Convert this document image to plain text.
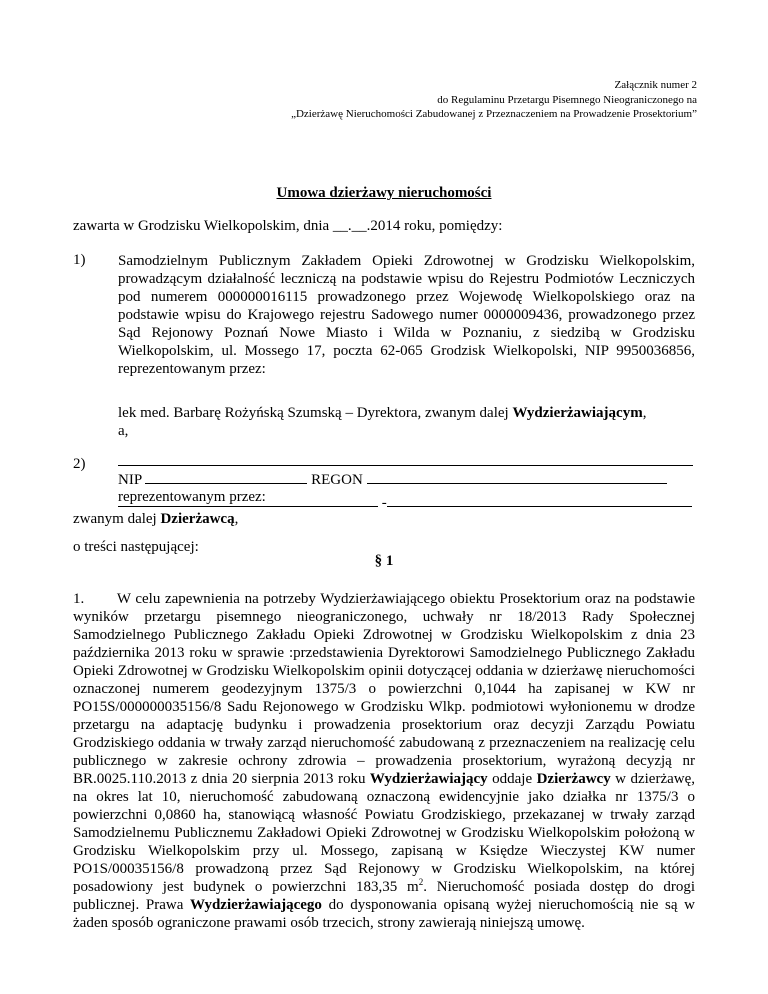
Załącznik numer 2
do Regulaminu Przetargu Pisemnego Nieograniczonego na
„Dzierżawę Nieruchomości Zabudowanej z Przeznaczeniem na Prowadzenie Prosektorium”
Umowa dzierżawy nieruchomości
zawarta w Grodzisku Wielkopolskim, dnia __.__.2014 roku, pomiędzy:
1) Samodzielnym Publicznym Zakładem Opieki Zdrowotnej w Grodzisku Wielkopolskim, prowadzącym działalność leczniczą na podstawie wpisu do Rejestru Podmiotów Leczniczych pod numerem 000000016115 prowadzonego przez Wojewodę Wielkopolskiego oraz na podstawie wpisu do Krajowego rejestru Sadowego numer 0000009436, prowadzonego przez Sąd Rejonowy Poznań Nowe Miasto i Wilda w Poznaniu, z siedzibą w Grodzisku Wielkopolskim, ul. Mossego 17, poczta 62-065 Grodzisk Wielkopolski, NIP 9950036856, reprezentowanym przez:
lek med. Barbarę Rożyńską Szumską – Dyrektora, zwanym dalej Wydzierżawiającym,
a,
2)
NIP	REGON
reprezentowanym przez:	-
zwanym dalej Dzierżawcą,
o treści następującej:
§ 1
1.       W celu zapewnienia na potrzeby Wydzierżawiającego obiektu Prosektorium oraz na podstawie wyników przetargu pisemnego nieograniczonego, uchwały nr 18/2013 Rady Społecznej Samodzielnego Publicznego Zakładu Opieki Zdrowotnej w Grodzisku Wielkopolskim z dnia 23 października 2013 roku w sprawie :przedstawienia Dyrektorowi Samodzielnego Publicznego Zakładu Opieki Zdrowotnej w Grodzisku Wielkopolskim opinii dotyczącej oddania w dzierżawę nieruchomości oznaczonej numerem geodezyjnym 1375/3 o powierzchni 0,1044 ha zapisanej w KW nr PO15S/000000035156/8 Sadu Rejonowego w Grodzisku Wlkp. podmiotowi wyłonionemu w drodze przetargu na adaptację budynku i prowadzenia prosektorium oraz decyzji Zarządu Powiatu Grodziskiego oddania w trwały zarząd nieruchomość zabudowaną z przeznaczeniem na realizację celu publicznego w zakresie ochrony zdrowia – prowadzenia prosektorium, wyrażoną decyzją nr BR.0025.110.2013 z dnia 20 sierpnia 2013 roku Wydzierżawiający oddaje Dzierżawcy w dzierżawę, na okres lat 10, nieruchomość zabudowaną oznaczoną ewidencyjnie jako działka nr 1375/3 o powierzchni 0,0860 ha, stanowiącą własność Powiatu Grodziskiego, przekazanej w trwały zarząd Samodzielnemu Publicznemu Zakładowi Opieki Zdrowotnej w Grodzisku Wielkopolskim położoną w Grodzisku Wielkopolskim przy ul. Mossego, zapisaną w Księdze Wieczystej KW numer PO1S/00035156/8 prowadzoną przez Sąd Rejonowy w Grodzisku Wielkopolskim, na której posadowiony jest budynek o powierzchni 183,35 $m^2$. Nieruchomość posiada dostęp do drogi publicznej. Prawa Wydzierżawiającego do dysponowania opisaną wyżej nieruchomością nie są w żaden sposób ograniczone prawami osób trzecich, strony zawierają niniejszą umowę.
